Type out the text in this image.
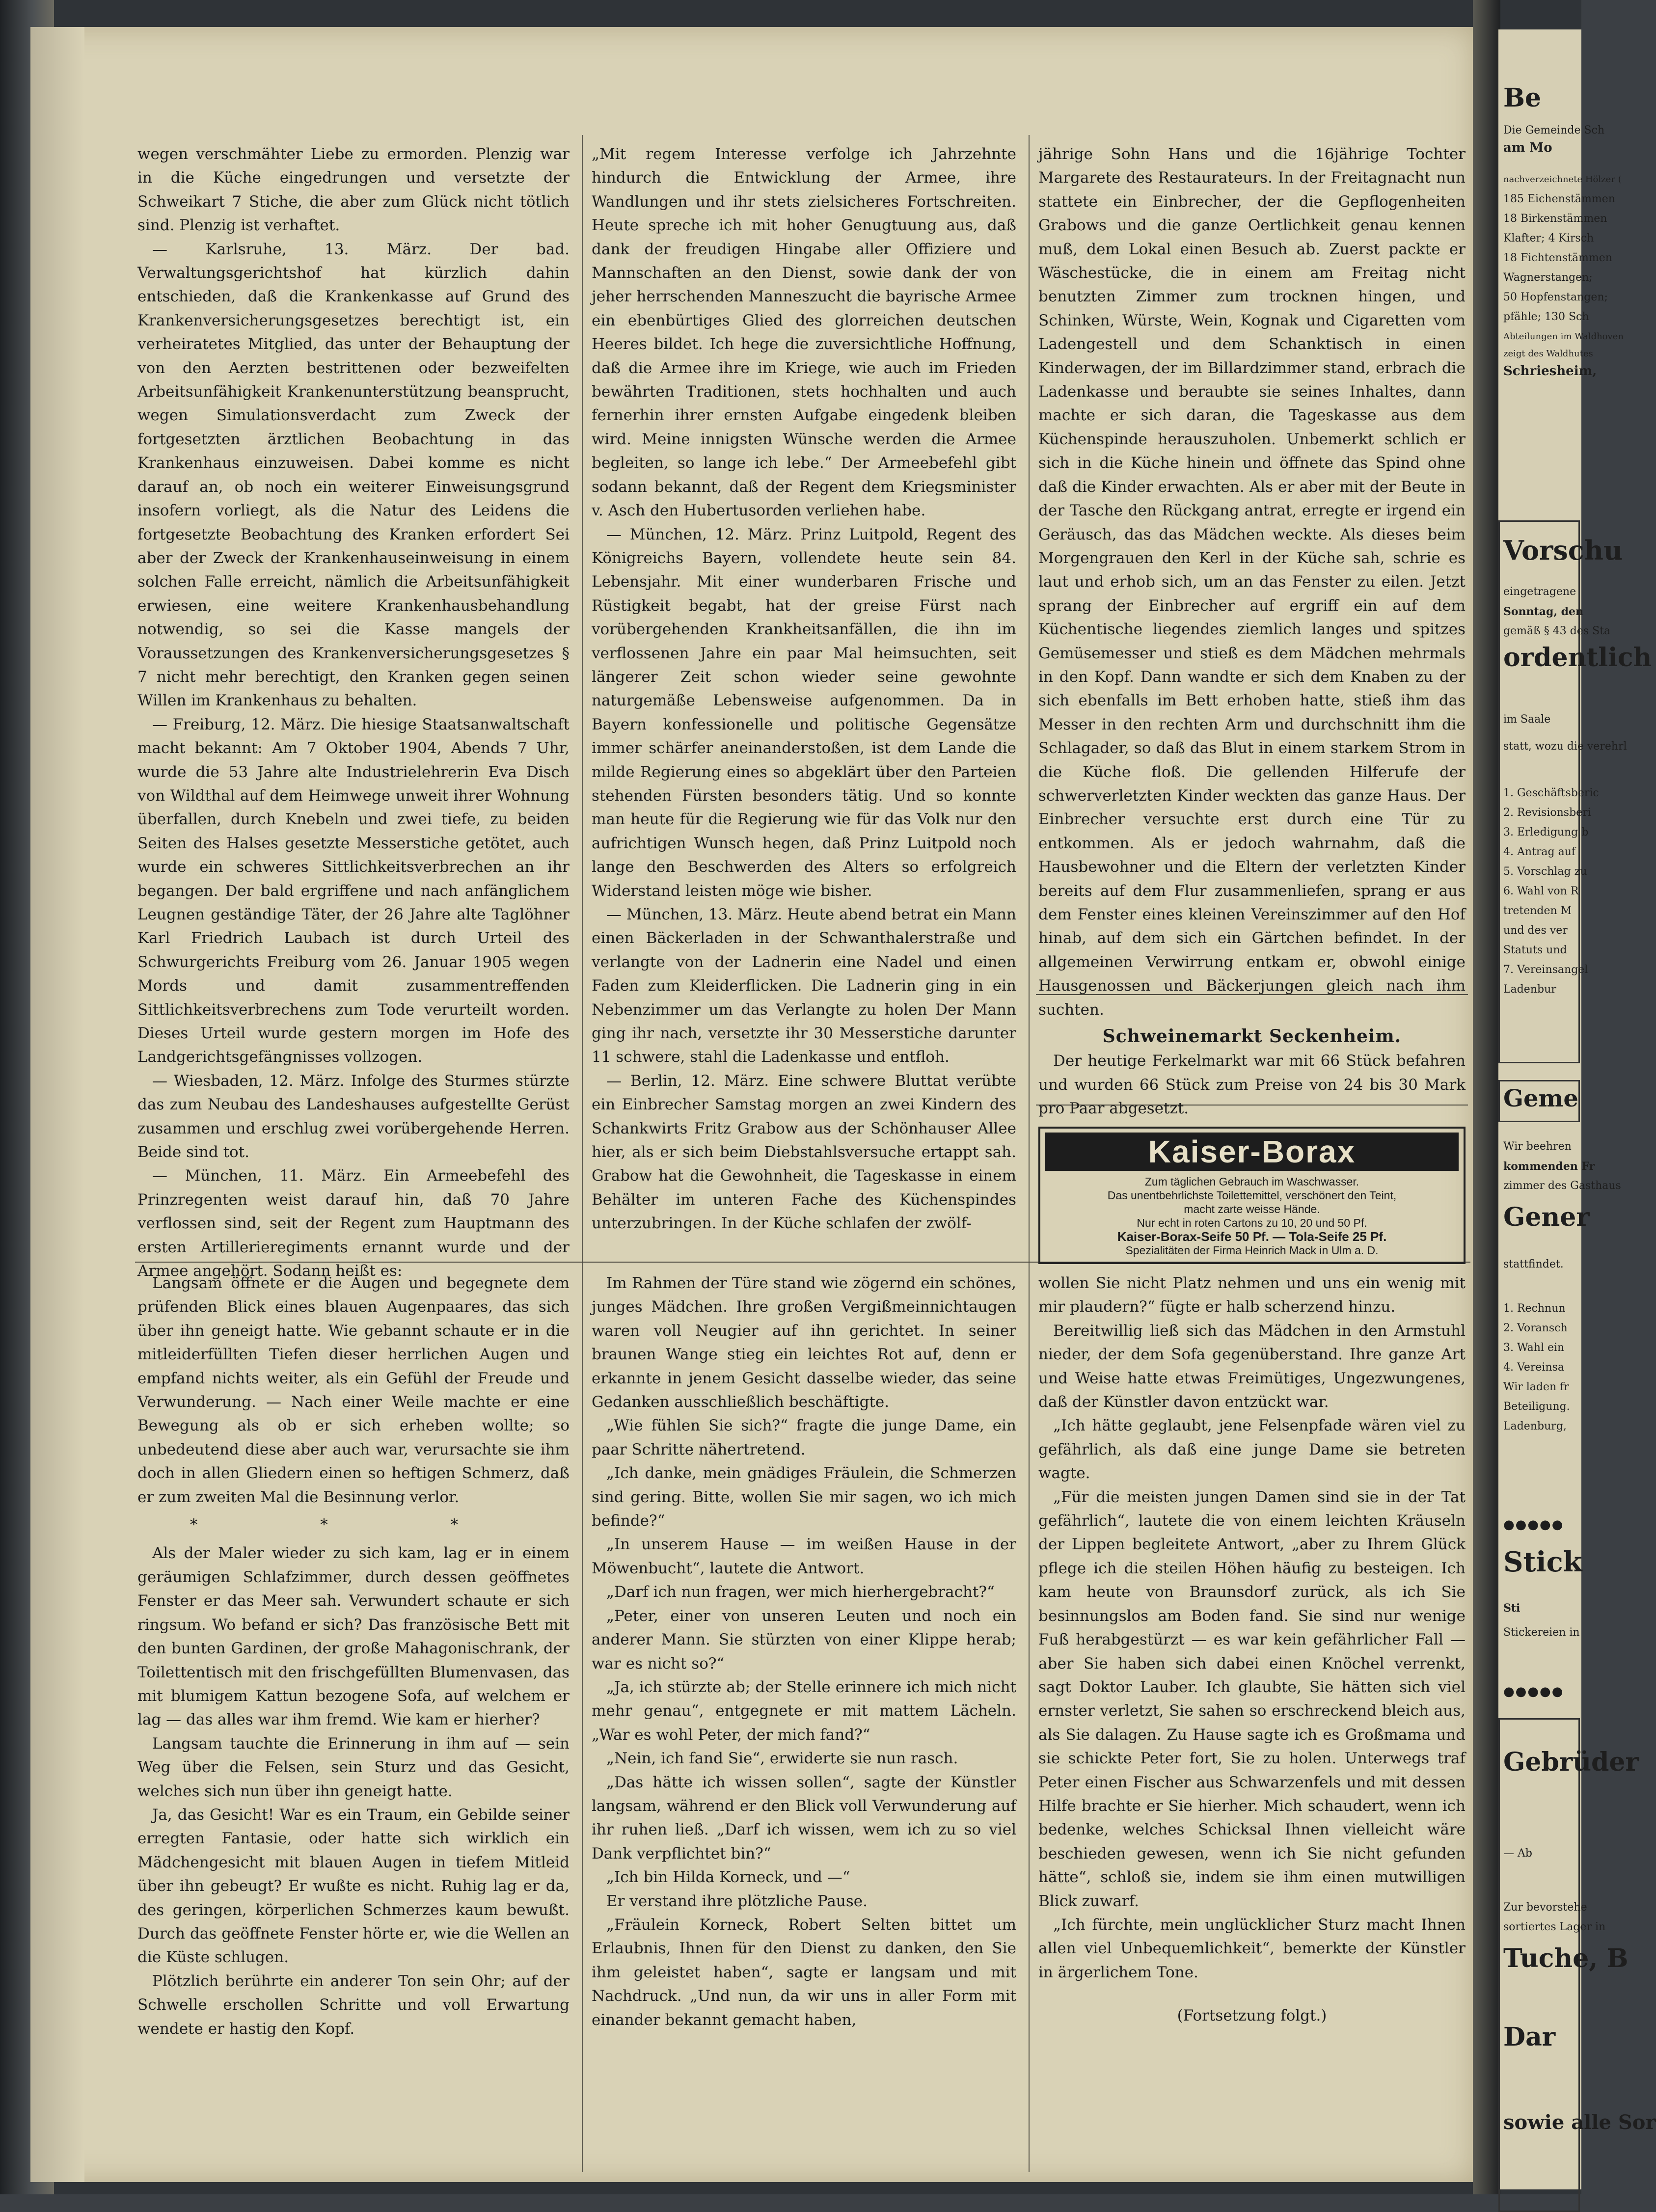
wegen verschmähter Liebe zu ermorden. Plenzig war in die Küche eingedrungen und versetzte der Schweikart 7 Stiche, die aber zum Glück nicht tötlich sind. Plenzig ist verhaftet.

— Karlsruhe, 13. März. Der bad. Verwaltungsgerichtshof hat kürzlich dahin entschieden, daß die Krankenkasse auf Grund des Krankenversicherungsgesetzes berechtigt ist, ein verheiratetes Mitglied, das unter der Behauptung der von den Aerzten bestrittenen oder bezweifelten Arbeitsunfähigkeit Krankenunterstützung beansprucht, wegen Simulationsverdacht zum Zweck der fortgesetzten ärztlichen Beobachtung in das Krankenhaus einzuweisen. Dabei komme es nicht darauf an, ob noch ein weiterer Einweisungsgrund insofern vorliegt, als die Natur des Leidens die fortgesetzte Beobachtung des Kranken erfordert Sei aber der Zweck der Krankenhauseinweisung in einem solchen Falle erreicht, nämlich die Arbeitsunfähigkeit erwiesen, eine weitere Krankenhausbehandlung notwendig, so sei die Kasse mangels der Voraussetzungen des Krankenversicherungsgesetzes § 7 nicht mehr berechtigt, den Kranken gegen seinen Willen im Krankenhaus zu behalten.

— Freiburg, 12. März. Die hiesige Staatsanwaltschaft macht bekannt: Am 7 Oktober 1904, Abends 7 Uhr, wurde die 53 Jahre alte Industrielehrerin Eva Disch von Wildthal auf dem Heimwege unweit ihrer Wohnung überfallen, durch Knebeln und zwei tiefe, zu beiden Seiten des Halses gesetzte Messerstiche getötet, auch wurde ein schweres Sittlichkeitsverbrechen an ihr begangen. Der bald ergriffene und nach anfänglichem Leugnen geständige Täter, der 26 Jahre alte Taglöhner Karl Friedrich Laubach ist durch Urteil des Schwurgerichts Freiburg vom 26. Januar 1905 wegen Mords und damit zusammentreffenden Sittlichkeitsverbrechens zum Tode verurteilt worden. Dieses Urteil wurde gestern morgen im Hofe des Landgerichtsgefängnisses vollzogen.

— Wiesbaden, 12. März. Infolge des Sturmes stürzte das zum Neubau des Landeshauses aufgestellte Gerüst zusammen und erschlug zwei vorübergehende Herren. Beide sind tot.

— München, 11. März. Ein Armeebefehl des Prinzregenten weist darauf hin, daß 70 Jahre verflossen sind, seit der Regent zum Hauptmann des ersten Artillerieregiments ernannt wurde und der Armee angehört. Sodann heißt es:

„Mit regem Interesse verfolge ich Jahrzehnte hindurch die Entwicklung der Armee, ihre Wandlungen und ihr stets zielsicheres Fortschreiten. Heute spreche ich mit hoher Genugtuung aus, daß dank der freudigen Hingabe aller Offiziere und Mannschaften an den Dienst, sowie dank der von jeher herrschenden Manneszucht die bayrische Armee ein ebenbürtiges Glied des glorreichen deutschen Heeres bildet. Ich hege die zuversichtliche Hoffnung, daß die Armee ihre im Kriege, wie auch im Frieden bewährten Traditionen, stets hochhalten und auch fernerhin ihrer ernsten Aufgabe eingedenk bleiben wird. Meine innigsten Wünsche werden die Armee begleiten, so lange ich lebe.“ Der Armeebefehl gibt sodann bekannt, daß der Regent dem Kriegsminister v. Asch den Hubertusorden verliehen habe.

— München, 12. März. Prinz Luitpold, Regent des Königreichs Bayern, vollendete heute sein 84. Lebensjahr. Mit einer wunderbaren Frische und Rüstigkeit begabt, hat der greise Fürst nach vorübergehenden Krankheitsanfällen, die ihn im verflossenen Jahre ein paar Mal heimsuchten, seit längerer Zeit schon wieder seine gewohnte naturgemäße Lebensweise aufgenommen. Da in Bayern konfessionelle und politische Gegensätze immer schärfer aneinanderstoßen, ist dem Lande die milde Regierung eines so abgeklärt über den Parteien stehenden Fürsten besonders tätig. Und so konnte man heute für die Regierung wie für das Volk nur den aufrichtigen Wunsch hegen, daß Prinz Luitpold noch lange den Beschwerden des Alters so erfolgreich Widerstand leisten möge wie bisher.

— München, 13. März. Heute abend betrat ein Mann einen Bäckerladen in der Schwanthalerstraße und verlangte von der Ladnerin eine Nadel und einen Faden zum Kleiderflicken. Die Ladnerin ging in ein Nebenzimmer um das Verlangte zu holen Der Mann ging ihr nach, versetzte ihr 30 Messerstiche darunter 11 schwere, stahl die Ladenkasse und entfloh.

— Berlin, 12. März. Eine schwere Bluttat verübte ein Einbrecher Samstag morgen an zwei Kindern des Schankwirts Fritz Grabow aus der Schönhauser Allee hier, als er sich beim Diebstahlsversuche ertappt sah. Grabow hat die Gewohnheit, die Tageskasse in einem Behälter im unteren Fache des Küchenspindes unterzubringen. In der Küche schlafen der zwölf-

jährige Sohn Hans und die 16jährige Tochter Margarete des Restaurateurs. In der Freitagnacht nun stattete ein Einbrecher, der die Gepflogenheiten Grabows und die ganze Oertlichkeit genau kennen muß, dem Lokal einen Besuch ab. Zuerst packte er Wäschestücke, die in einem am Freitag nicht benutzten Zimmer zum trocknen hingen, und Schinken, Würste, Wein, Kognak und Cigaretten vom Ladengestell und dem Schanktisch in einen Kinderwagen, der im Billardzimmer stand, erbrach die Ladenkasse und beraubte sie seines Inhaltes, dann machte er sich daran, die Tageskasse aus dem Küchenspinde herauszuholen. Unbemerkt schlich er sich in die Küche hinein und öffnete das Spind ohne daß die Kinder erwachten. Als er aber mit der Beute in der Tasche den Rückgang antrat, erregte er irgend ein Geräusch, das das Mädchen weckte. Als dieses beim Morgengrauen den Kerl in der Küche sah, schrie es laut und erhob sich, um an das Fenster zu eilen. Jetzt sprang der Einbrecher auf ergriff ein auf dem Küchentische liegendes ziemlich langes und spitzes Gemüsemesser und stieß es dem Mädchen mehrmals in den Kopf. Dann wandte er sich dem Knaben zu der sich ebenfalls im Bett erhoben hatte, stieß ihm das Messer in den rechten Arm und durchschnitt ihm die Schlagader, so daß das Blut in einem starkem Strom in die Küche floß. Die gellenden Hilferufe der schwerverletzten Kinder weckten das ganze Haus. Der Einbrecher versuchte erst durch eine Tür zu entkommen. Als er jedoch wahrnahm, daß die Hausbewohner und die Eltern der verletzten Kinder bereits auf dem Flur zusammenliefen, sprang er aus dem Fenster eines kleinen Vereinszimmer auf den Hof hinab, auf dem sich ein Gärtchen befindet. In der allgemeinen Verwirrung entkam er, obwohl einige Hausgenossen und Bäckerjungen gleich nach ihm suchten.

Schweinemarkt Seckenheim.

Der heutige Ferkelmarkt war mit 66 Stück befahren und wurden 66 Stück zum Preise von 24 bis 30 Mark pro Paar abgesetzt.

Kaiser-Borax
Zum täglichen Gebrauch im Waschwasser.
Das unentbehrlichste Toilettemittel, verschönert den Teint,
macht zarte weisse Hände.
Nur echt in roten Cartons zu 10, 20 und 50 Pf.
Kaiser-Borax-Seife 50 Pf. — Tola-Seife 25 Pf.
Spezialitäten der Firma Heinrich Mack in Ulm a. D.

Langsam öffnete er die Augen und begegnete dem prüfenden Blick eines blauen Augenpaares, das sich über ihn geneigt hatte. Wie gebannt schaute er in die mitleiderfüllten Tiefen dieser herrlichen Augen und empfand nichts weiter, als ein Gefühl der Freude und Verwunderung. — Nach einer Weile machte er eine Bewegung als ob er sich erheben wollte; so unbedeutend diese aber auch war, verursachte sie ihm doch in allen Gliedern einen so heftigen Schmerz, daß er zum zweiten Mal die Besinnung verlor.

* * *

Als der Maler wieder zu sich kam, lag er in einem geräumigen Schlafzimmer, durch dessen geöffnetes Fenster er das Meer sah. Verwundert schaute er sich ringsum. Wo befand er sich? Das französische Bett mit den bunten Gardinen, der große Mahagonischrank, der Toilettentisch mit den frischgefüllten Blumenvasen, das mit blumigem Kattun bezogene Sofa, auf welchem er lag — das alles war ihm fremd. Wie kam er hierher?

Langsam tauchte die Erinnerung in ihm auf — sein Weg über die Felsen, sein Sturz und das Gesicht, welches sich nun über ihn geneigt hatte.

Ja, das Gesicht! War es ein Traum, ein Gebilde seiner erregten Fantasie, oder hatte sich wirklich ein Mädchengesicht mit blauen Augen in tiefem Mitleid über ihn gebeugt? Er wußte es nicht. Ruhig lag er da, des geringen, körperlichen Schmerzes kaum bewußt. Durch das geöffnete Fenster hörte er, wie die Wellen an die Küste schlugen.

Plötzlich berührte ein anderer Ton sein Ohr; auf der Schwelle erschollen Schritte und voll Erwartung wendete er hastig den Kopf.

Im Rahmen der Türe stand wie zögernd ein schönes, junges Mädchen. Ihre großen Vergißmeinnichtaugen waren voll Neugier auf ihn gerichtet. In seiner braunen Wange stieg ein leichtes Rot auf, denn er erkannte in jenem Gesicht dasselbe wieder, das seine Gedanken ausschließlich beschäftigte.

„Wie fühlen Sie sich?“ fragte die junge Dame, ein paar Schritte nähertretend.

„Ich danke, mein gnädiges Fräulein, die Schmerzen sind gering. Bitte, wollen Sie mir sagen, wo ich mich befinde?“

„In unserem Hause — im weißen Hause in der Möwenbucht“, lautete die Antwort.

„Darf ich nun fragen, wer mich hierhergebracht?“

„Peter, einer von unseren Leuten und noch ein anderer Mann. Sie stürzten von einer Klippe herab; war es nicht so?“

„Ja, ich stürzte ab; der Stelle erinnere ich mich nicht mehr genau“, entgegnete er mit mattem Lächeln. „War es wohl Peter, der mich fand?“

„Nein, ich fand Sie“, erwiderte sie nun rasch.

„Das hätte ich wissen sollen“, sagte der Künstler langsam, während er den Blick voll Verwunderung auf ihr ruhen ließ. „Darf ich wissen, wem ich zu so viel Dank verpflichtet bin?“

„Ich bin Hilda Korneck, und —“

Er verstand ihre plötzliche Pause.

„Fräulein Korneck, Robert Selten bittet um Erlaubnis, Ihnen für den Dienst zu danken, den Sie ihm geleistet haben“, sagte er langsam und mit Nachdruck. „Und nun, da wir uns in aller Form mit einander bekannt gemacht haben,

wollen Sie nicht Platz nehmen und uns ein wenig mit mir plaudern?“ fügte er halb scherzend hinzu.

Bereitwillig ließ sich das Mädchen in den Armstuhl nieder, der dem Sofa gegenüberstand. Ihre ganze Art und Weise hatte etwas Freimütiges, Ungezwungenes, daß der Künstler davon entzückt war.

„Ich hätte geglaubt, jene Felsenpfade wären viel zu gefährlich, als daß eine junge Dame sie betreten wagte.

„Für die meisten jungen Damen sind sie in der Tat gefährlich“, lautete die von einem leichten Kräuseln der Lippen begleitete Antwort, „aber zu Ihrem Glück pflege ich die steilen Höhen häufig zu besteigen. Ich kam heute von Braunsdorf zurück, als ich Sie besinnungslos am Boden fand. Sie sind nur wenige Fuß herabgestürzt — es war kein gefährlicher Fall — aber Sie haben sich dabei einen Knöchel verrenkt, sagt Doktor Lauber. Ich glaubte, Sie hätten sich viel ernster verletzt, Sie sahen so erschreckend bleich aus, als Sie dalagen. Zu Hause sagte ich es Großmama und sie schickte Peter fort, Sie zu holen. Unterwegs traf Peter einen Fischer aus Schwarzenfels und mit dessen Hilfe brachte er Sie hierher. Mich schaudert, wenn ich bedenke, welches Schicksal Ihnen vielleicht wäre beschieden gewesen, wenn ich Sie nicht gefunden hätte“, schloß sie, indem sie ihm einen mutwilligen Blick zuwarf.

„Ich fürchte, mein unglücklicher Sturz macht Ihnen allen viel Unbequemlichkeit“, bemerkte der Künstler in ärgerlichem Tone.

(Fortsetzung folgt.)

Be
Die Gemeinde Sch
am Mo
nachverzeichnete Hölzer (
185 Eichenstämmen
18 Birkenstämmen
Klafter; 4 Kirsch
18 Fichtenstämmen
Wagnerstangen;
50 Hopfenstangen;
pfähle; 130 Sch
Abteilungen im Waldhoven
zeigt des Waldhutes
Schriesheim,
Vorschu
eingetragene
Sonntag, den
gemäß § 43 des Sta
ordentlich
im Saale
statt, wozu die verehrl
1. Geschäftsberic
2. Revisionsberi
3. Erledigung b
4. Antrag auf
5. Vorschlag zu
6. Wahl von R
tretenden M
und des ver
Statuts und
7. Vereinsangel
Ladenbur
Geme
Wir beehren
kommenden Fr
zimmer des Gasthaus
Gener
stattfindet.
1. Rechnun
2. Voransch
3. Wahl ein
4. Vereinsa
Wir laden fr
Beteiligung.
Ladenburg,
●●●●●
Stick
Sti
Stickereien in
●●●●●
Gebrüder
— Ab
Zur bevorstehe
sortiertes Lager in
Tuche, B
Dar
sowie alle Sor
